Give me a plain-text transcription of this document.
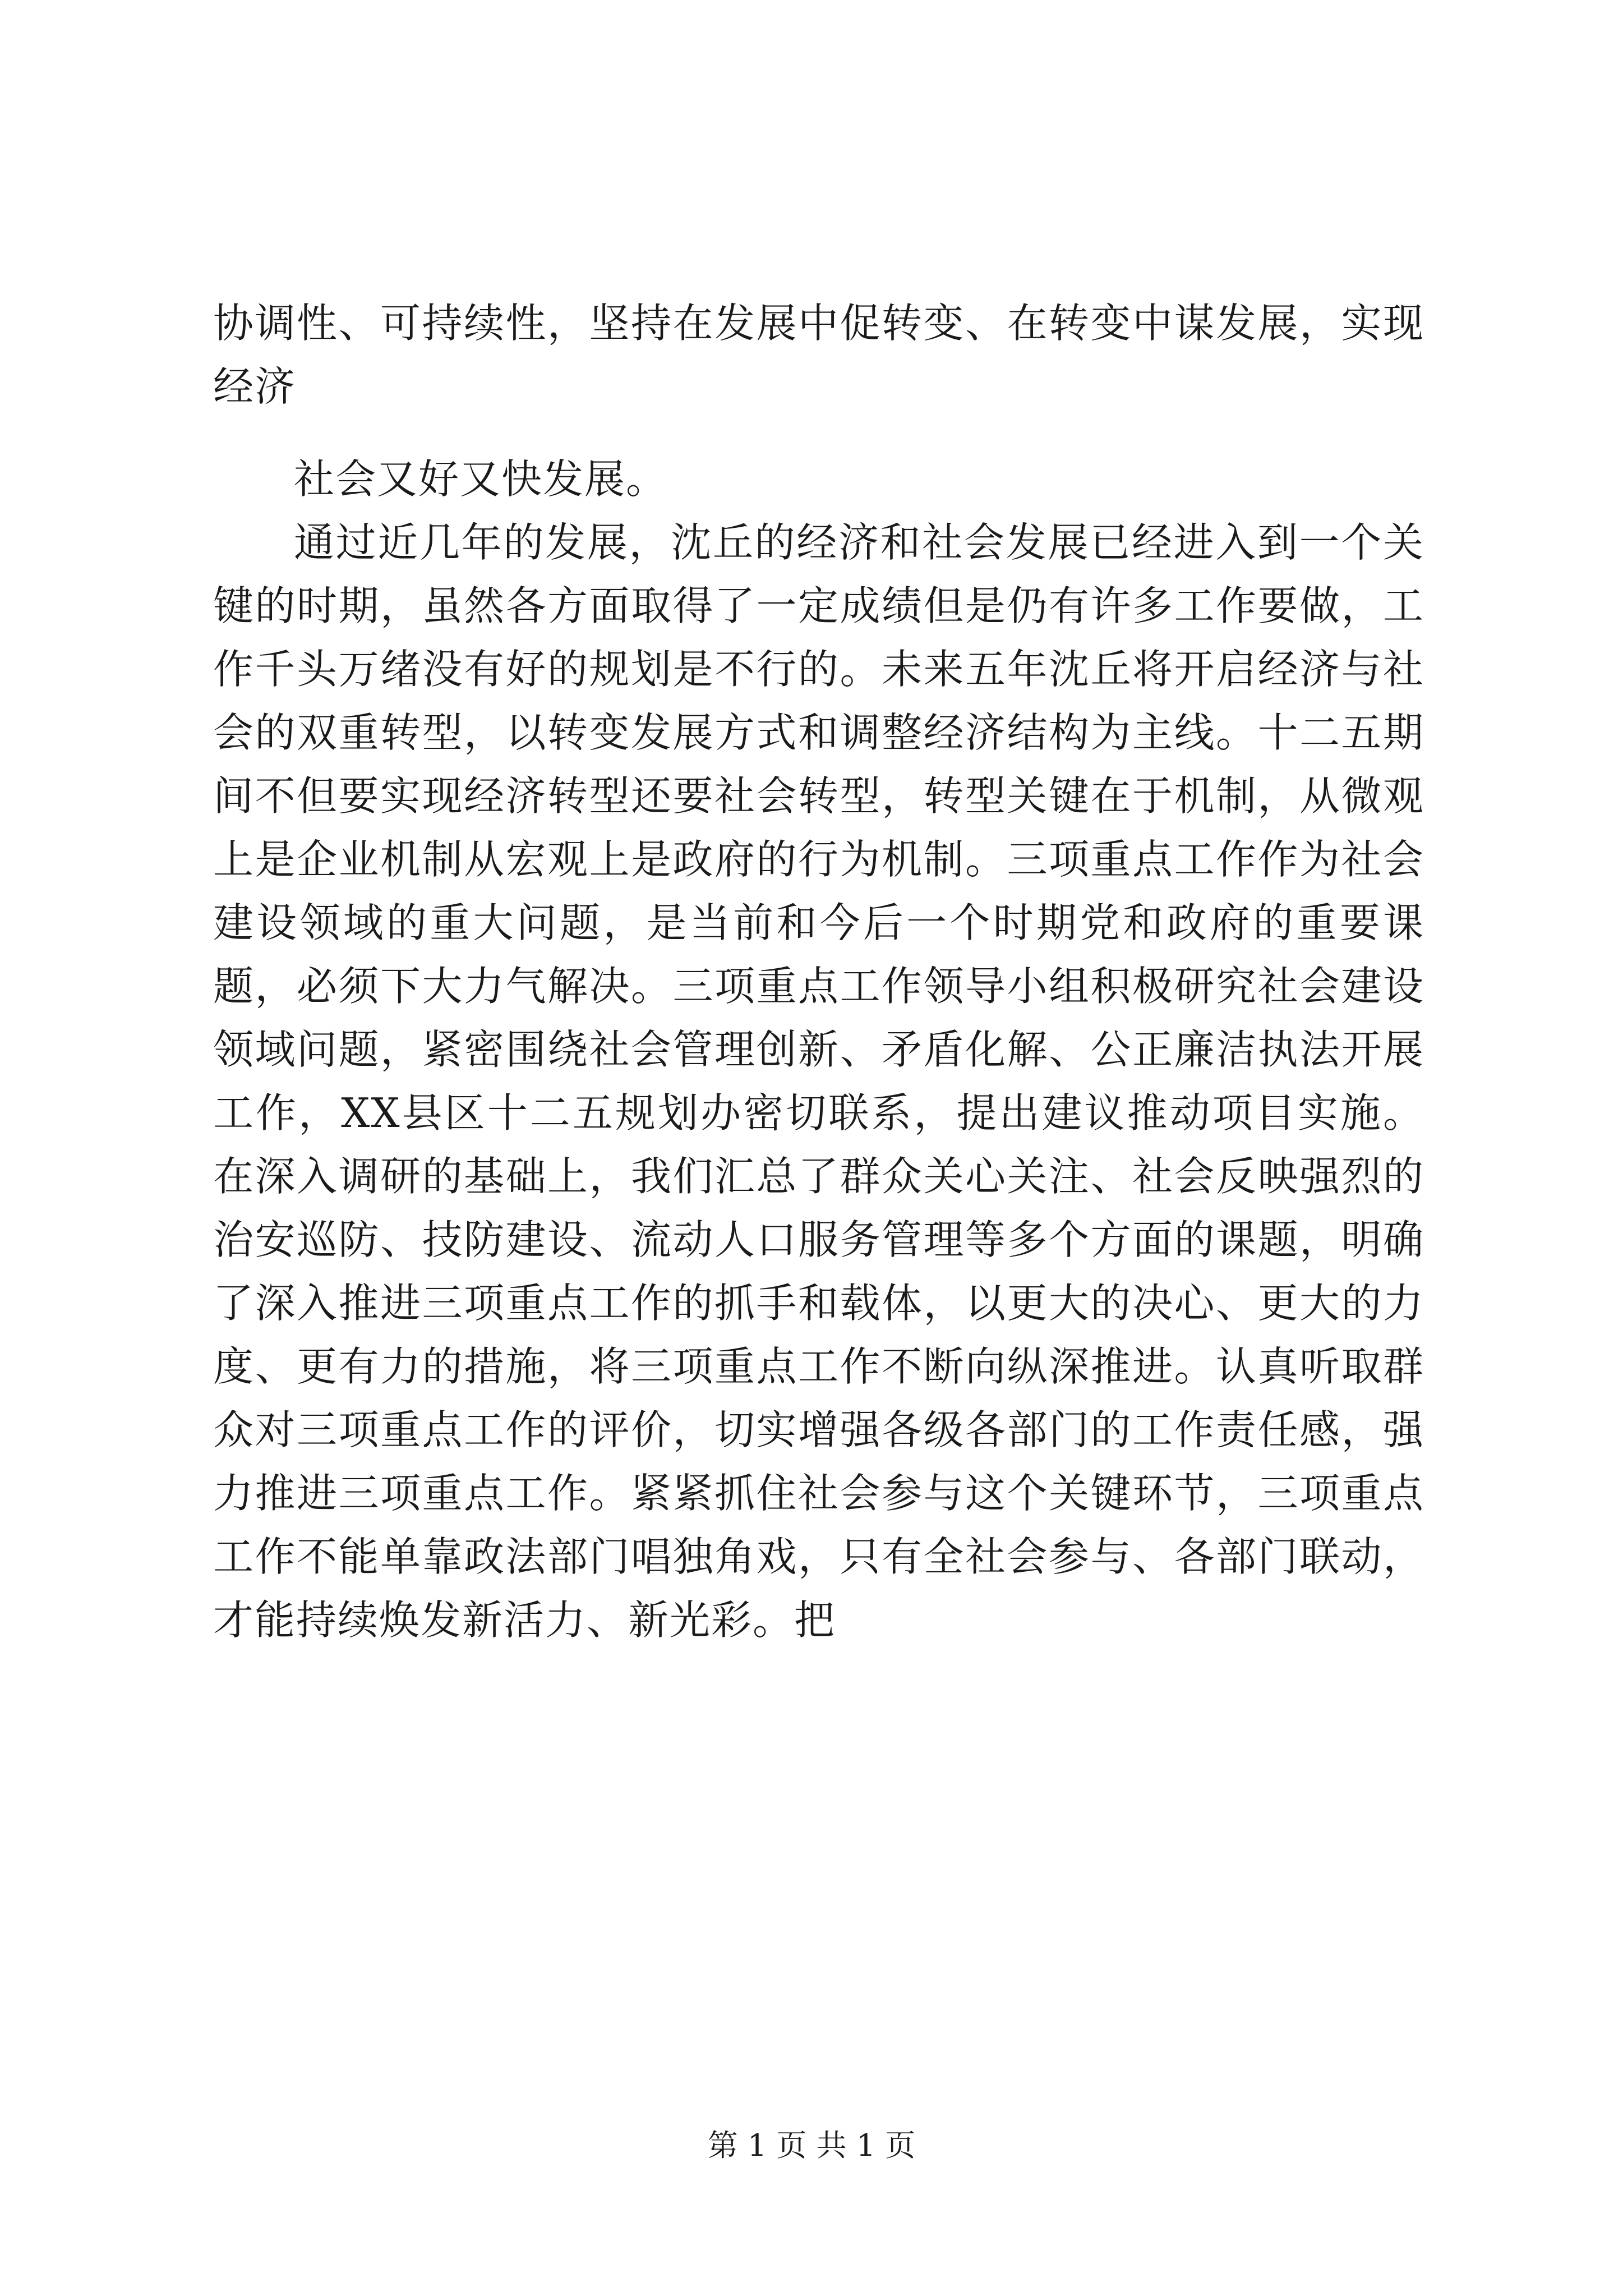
协调性、可持续性，坚持在发展中促转变、在转变中谋发展，实现经济

社会又好又快发展。

通过近几年的发展，沈丘的经济和社会发展已经进入到一个关键的时期，虽然各方面取得了一定成绩但是仍有许多工作要做，工作千头万绪没有好的规划是不行的。未来五年沈丘将开启经济与社会的双重转型，以转变发展方式和调整经济结构为主线。十二五期间不但要实现经济转型还要社会转型，转型关键在于机制，从微观上是企业机制从宏观上是政府的行为机制。三项重点工作作为社会建设领域的重大问题，是当前和今后一个时期党和政府的重要课题，必须下大力气解决。三项重点工作领导小组积极研究社会建设领域问题，紧密围绕社会管理创新、矛盾化解、公正廉洁执法开展工作，XX县区十二五规划办密切联系，提出建议推动项目实施。在深入调研的基础上，我们汇总了群众关心关注、社会反映强烈的治安巡防、技防建设、流动人口服务管理等多个方面的课题，明确了深入推进三项重点工作的抓手和载体，以更大的决心、更大的力度、更有力的措施，将三项重点工作不断向纵深推进。认真听取群众对三项重点工作的评价，切实增强各级各部门的工作责任感，强力推进三项重点工作。紧紧抓住社会参与这个关键环节，三项重点工作不能单靠政法部门唱独角戏，只有全社会参与、各部门联动，才能持续焕发新活力、新光彩。把

第 1 页 共 1 页
